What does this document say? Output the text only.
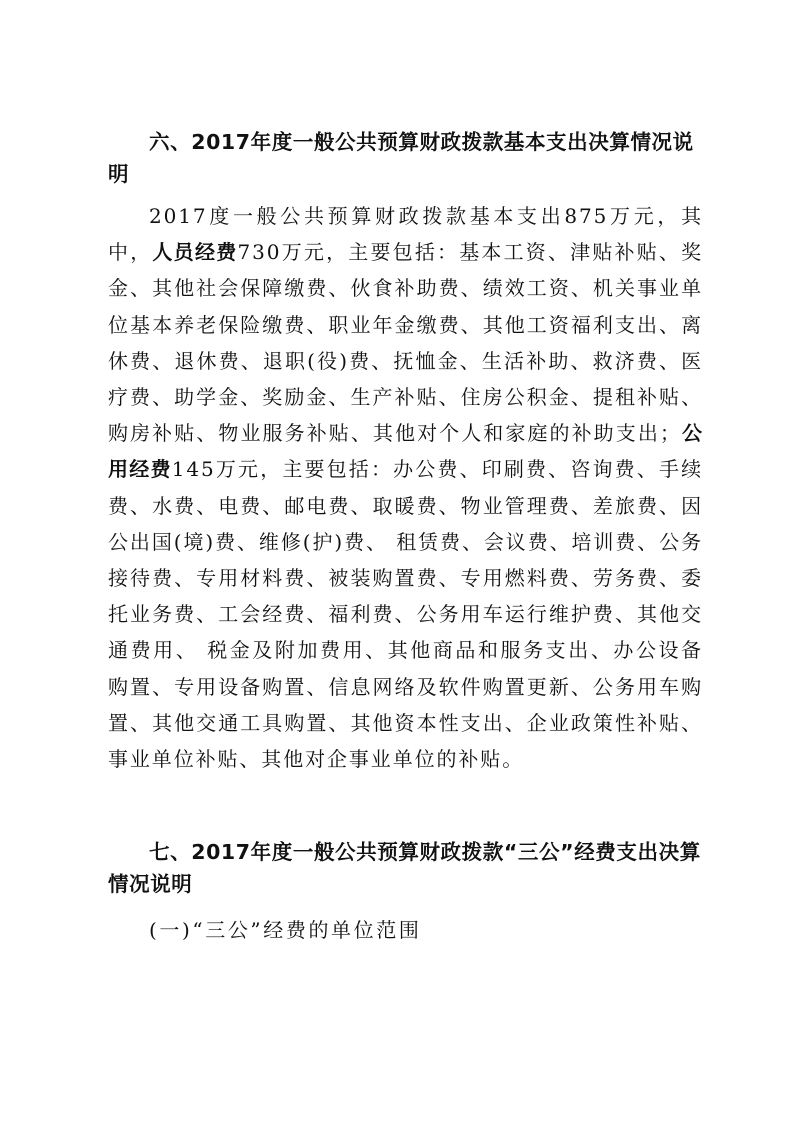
六、2017年度一般公共预算财政拨款基本支出决算情况说明

2017度一般公共预算财政拨款基本支出875万元，其中，人员经费730万元，主要包括：基本工资、津贴补贴、奖金、其他社会保障缴费、伙食补助费、绩效工资、机关事业单位基本养老保险缴费、职业年金缴费、其他工资福利支出、离休费、退休费、退职(役)费、抚恤金、生活补助、救济费、医疗费、助学金、奖励金、生产补贴、住房公积金、提租补贴、购房补贴、物业服务补贴、其他对个人和家庭的补助支出；公用经费145万元，主要包括：办公费、印刷费、咨询费、手续费、水费、电费、邮电费、取暖费、物业管理费、差旅费、因公出国(境)费、维修(护)费、 租赁费、会议费、培训费、公务接待费、专用材料费、被装购置费、专用燃料费、劳务费、委托业务费、工会经费、福利费、公务用车运行维护费、其他交通费用、 税金及附加费用、其他商品和服务支出、办公设备购置、专用设备购置、信息网络及软件购置更新、公务用车购置、其他交通工具购置、其他资本性支出、企业政策性补贴、事业单位补贴、其他对企事业单位的补贴。

七、2017年度一般公共预算财政拨款“三公”经费支出决算情况说明

(一)“三公”经费的单位范围
